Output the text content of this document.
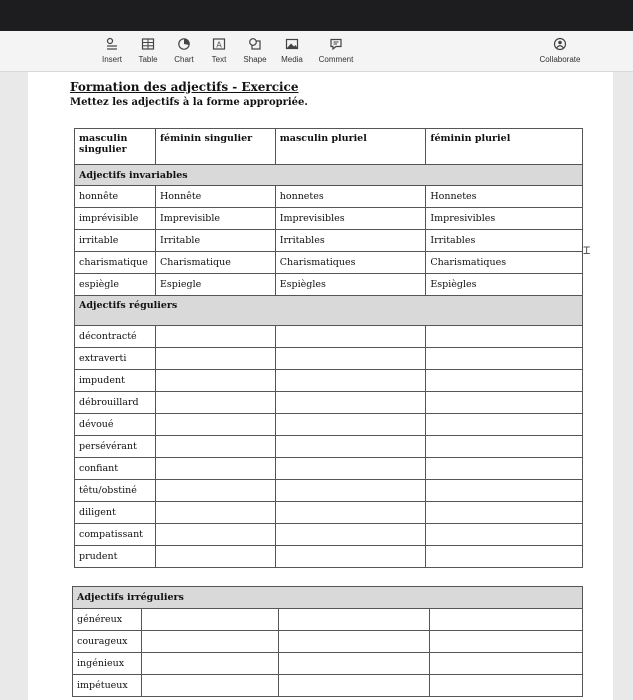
Insert	Table	Chart
A
Text	Shape	Media	Comment	Collaborate
Formation des adjectifs - Exercice
Mettez les adjectifs à la forme appropriée.
masculin singulier	féminin singulier	masculin pluriel	féminin pluriel
Adjectifs invariables			
honnête	Honnête	honnetes	Honnetes
imprévisible	Imprevisible	Imprevisibles	Impresivibles
irritable	Irritable	Irritables	Irritables
charismatique	Charismatique	Charismatiques	Charismatiques
espiègle	Espiegle	Espiègles	Espiègles
Adjectifs réguliers			
décontracté			
extraverti			
impudent			
débrouillard			
dévoué			
persévérant			
confiant			
têtu/obstiné			
diligent			
compatissant			
prudent			
Adjectifs irréguliers			
généreux			
courageux			
ingénieux			
impétueux			
⌶
